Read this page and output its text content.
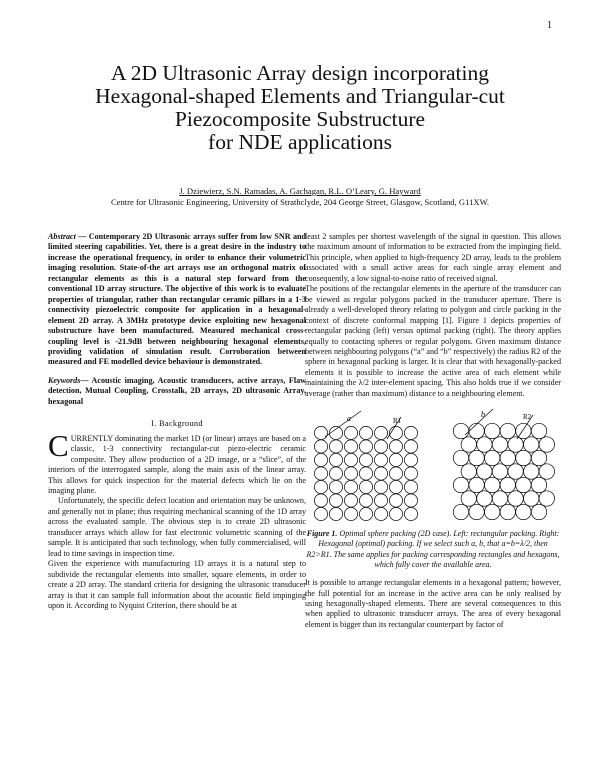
1
A 2D Ultrasonic Array design incorporating
Hexagonal-shaped Elements and Triangular-cut
Piezocomposite Substructure
for NDE applications
J. Dziewierz, S.N. Ramadas, A. Gachagan, R.L. O’Leary, G. Hayward
Centre for Ultrasonic Engineering, University of Strathclyde, 204 George Street, Glasgow, Scotland, G11XW.

Abstract — Contemporary 2D Ultrasonic arrays suffer from low SNR and limited steering capabilities. Yet, there is a great desire in the industry to increase the operational frequency, in order to enhance their volumetric imaging resolution. State-of-the art arrays use an orthogonal matrix of rectangular elements as this is a natural step forward from the conventional 1D array structure. The objective of this work is to evaluate properties of triangular, rather than rectangular ceramic pillars in a 1-3 connectivity piezoelectric composite for application in a hexagonal-element 2D array. A 3MHz prototype device exploiting new hexagonal substructure have been manufactured. Measured mechanical cross-coupling level is -21.9dB between neighbouring hexagonal elements, providing validation of simulation result. Corroboration between measured and FE modelled device behaviour is demonstrated.

Keywords— Acoustic imaging, Acoustic transducers, active arrays, Flaw detection, Mutual Coupling, Crosstalk, 2D arrays, 2D ultrasonic Array, hexagonal

I. Background

CURRENTLY dominating the market 1D (or linear) arrays are based on a classic, 1-3 connectivity rectangular-cut piezo-electric ceramic composite. They allow production of a 2D image, or a “slice”, of the interiors of the interrogated sample, along the main axis of the linear array. This allows for quick inspection for the material defects which lie on the imaging plane.

Unfortunately, the specific defect location and orientation may be unknown, and generally not in plane; thus requiring mechanical scanning of the 1D array across the evaluated sample. The obvious step is to create 2D ultrasonic transducer arrays which allow for fast electronic volumetric scanning of the sample. It is anticipated that such technology, when fully commercialised, will lead to time savings in inspection time.

Given the experience with manufacturing 1D arrays it is a natural step to subdivide the rectangular elements into smaller, square elements, in order to create a 2D array. The standard criteria for designing the ultrasonic transducer array is that it can sample full information about the acoustic field impinging upon it. According to Nyquist Criterion, there should be at

least 2 samples per shortest wavelength of the signal in question. This allows the maximum amount of information to be extracted from the impinging field. This principle, when applied to high-frequency 2D array, leads to the problem associated with a small active areas for each single array element and consequently, a low signal-to-noise ratio of received signal.

The positions of the rectangular elements in the aperture of the transducer can be viewed as regular polygons packed in the transducer aperture. There is already a well-developed theory relating to polygon and circle packing in the context of discrete conformal mapping [1]. Figure 1 depicts properties of rectangular packing (left) versus optimal packing (right). The theory applies equally to contacting spheres or regular polygons. Given maximum distance between neighbouring polygons (“a” and “b” respectively) the radius R2 of the sphere in hexagonal packing is larger. It is clear that with hexagonally-packed elements it is possible to increase the active area of each element while maintaining the λ/2 inter-element spacing. This also holds true if we consider average (rather than maximum) distance to a neighbouring element.

a	R1
b	R2

Figure 1. Optimal sphere packing (2D case). Left: rectangular packing. Right: Hexagonal (optimal) packing. If we select such a, b, that a=b=λ/2, then R2>R1. The same applies for packing corresponding rectangles and hexagons, which fully cover the available area.

It is possible to arrange rectangular elements in a hexagonal pattern; however, the full potential for an increase in the active area can be only realised by using hexagonally-shaped elements. There are several consequences to this when applied to ultrasonic transducer arrays. The area of every hexagonal element is bigger than its rectangular counterpart by factor of
